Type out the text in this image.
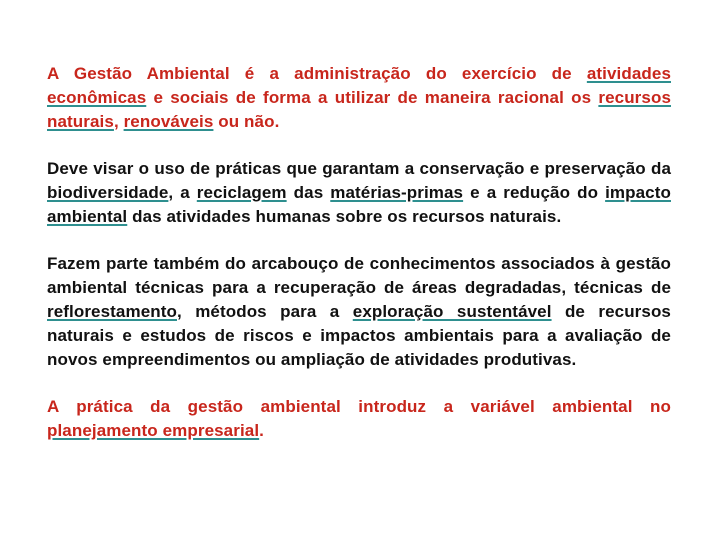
A Gestão Ambiental é a administração do exercício de atividades econômicas e sociais de forma a utilizar de maneira racional os recursos naturais, renováveis ou não.

Deve visar o uso de práticas que garantam a conservação e preservação da biodiversidade, a reciclagem das matérias-primas e a redução do impacto ambiental das atividades humanas sobre os recursos naturais.

Fazem parte também do arcabouço de conhecimentos associados à gestão ambiental técnicas para a recuperação de áreas degradadas, técnicas de reflorestamento, métodos para a exploração sustentável de recursos naturais e estudos de riscos e impactos ambientais para a avaliação de novos empreendimentos ou ampliação de atividades produtivas.

A prática da gestão ambiental introduz a variável ambiental no planejamento empresarial.
